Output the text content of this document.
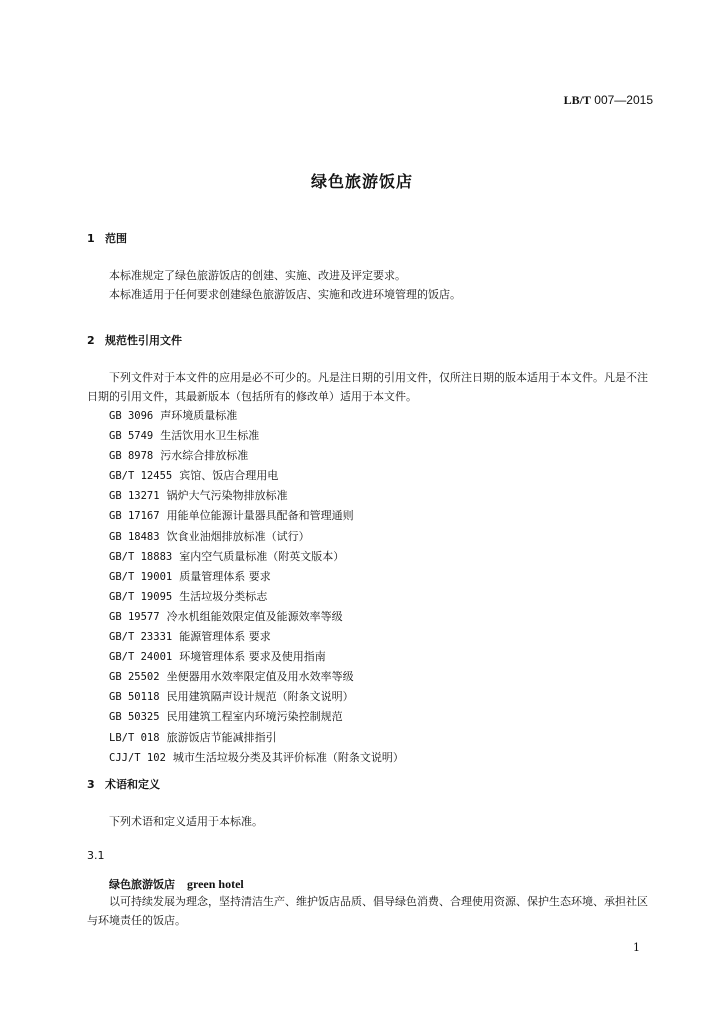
LB/T 007—2015
绿色旅游饭店
1 范围
本标准规定了绿色旅游饭店的创建、实施、改进及评定要求。
本标准适用于任何要求创建绿色旅游饭店、实施和改进环境管理的饭店。
2 规范性引用文件
下列文件对于本文件的应用是必不可少的。凡是注日期的引用文件，仅所注日期的版本适用于本文件。凡是不注日期的引用文件，其最新版本（包括所有的修改单）适用于本文件。
GB 3096 声环境质量标准
GB 5749 生活饮用水卫生标准
GB 8978 污水综合排放标准
GB/T 12455 宾馆、饭店合理用电
GB 13271 锅炉大气污染物排放标准
GB 17167 用能单位能源计量器具配备和管理通则
GB 18483 饮食业油烟排放标准（试行）
GB/T 18883 室内空气质量标准（附英文版本）
GB/T 19001 质量管理体系 要求
GB/T 19095 生活垃圾分类标志
GB 19577 冷水机组能效限定值及能源效率等级
GB/T 23331 能源管理体系 要求
GB/T 24001 环境管理体系 要求及使用指南
GB 25502 坐便器用水效率限定值及用水效率等级
GB 50118 民用建筑隔声设计规范（附条文说明）
GB 50325 民用建筑工程室内环境污染控制规范
LB/T 018 旅游饭店节能减排指引
CJJ/T 102 城市生活垃圾分类及其评价标准（附条文说明）
3 术语和定义
下列术语和定义适用于本标准。
3.1
绿色旅游饭店 green hotel
以可持续发展为理念，坚持清洁生产、维护饭店品质、倡导绿色消费、合理使用资源、保护生态环境、承担社区与环境责任的饭店。
1
